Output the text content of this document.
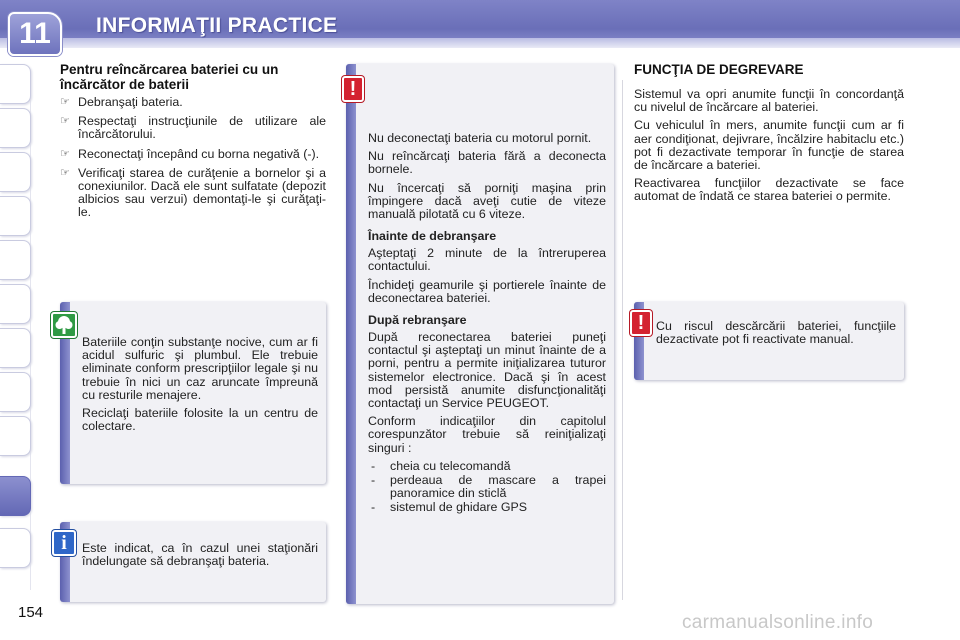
11	INFORMAŢII PRACTICE
Pentru reîncărcarea bateriei cu un încărcător de baterii
☞ Debranşaţi bateria.
☞ Respectaţi instrucţiunile de utilizare ale încărcătorului.
☞ Reconectaţi începând cu borna negativă (-).
☞ Verificaţi starea de curăţenie a bornelor şi a conexiunilor. Dacă ele sunt sulfatate (depozit albicios sau verzui) demontaţi-le şi curăţaţi-le.

Bateriile conţin substanţe nocive, cum ar fi acidul sulfuric şi plumbul. Ele trebuie eliminate conform prescripţiilor legale şi nu trebuie în nici un caz aruncate împreună cu resturile menajere.

Reciclaţi bateriile folosite la un centru de colectare.

Este indicat, ca în cazul unei staţionări îndelungate să debranşaţi bateria.

i

Nu deconectaţi bateria cu motorul pornit.

Nu reîncărcaţi bateria fără a deconecta bornele.

Nu încercaţi să porniţi maşina prin împingere dacă aveţi cutie de viteze manuală pilotată cu 6 viteze.

Înainte de debranşare

Aşteptaţi 2 minute de la întreruperea contactului.

Închideţi geamurile şi portierele înainte de deconectarea bateriei.

După rebranşare

După reconectarea bateriei puneţi contactul şi aşteptaţi un minut înainte de a porni, pentru a permite iniţializarea tuturor sistemelor electronice. Dacă şi în acest mod persistă anumite disfuncţionalităţi contactaţi un Service PEUGEOT.

Conform indicaţiilor din capitolul corespunzător trebuie să reiniţializaţi singuri :

- cheia cu telecomandă
- perdeaua de mascare a trapei panoramice din sticlă
- sistemul de ghidare GPS
!
FUNCŢIA DE DEGREVARE

Sistemul va opri anumite funcţii în concordanţă cu nivelul de încărcare al bateriei.

Cu vehiculul în mers, anumite funcţii cum ar fi aer condiţionat, dejivrare, încălzire habitaclu etc.) pot fi dezactivate temporar în funcţie de starea de încărcare a bateriei.

Reactivarea funcţiilor dezactivate se face automat de îndată ce starea bateriei o permite.

Cu riscul descărcării bateriei, funcţiile dezactivate pot fi reactivate manual.

!
154	carmanualsonline.info
